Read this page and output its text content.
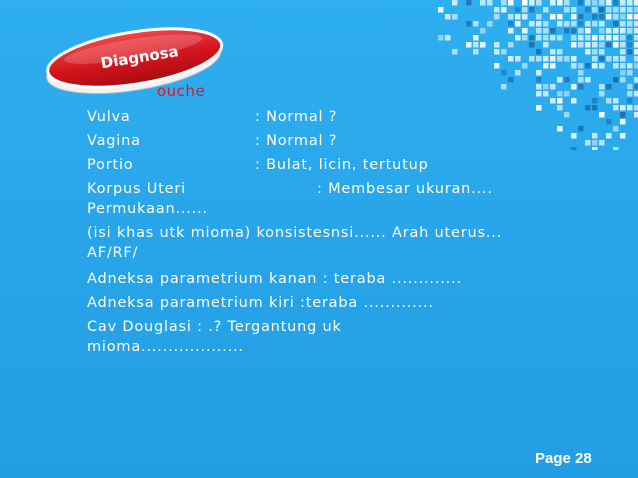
Diagnosa
ouche
Vulva	: Normal ?
Vagina	: Normal ?
Portio	: Bulat, licin, tertutup
Korpus Uteri	: Membesar ukuran....
Permukaan......
(isi khas utk mioma) konsistesnsi...... Arah uterus...
AF/RF/
Adneksa parametrium kanan : teraba .............
Adneksa parametrium kiri :teraba .............
Cav Douglasi : .? Tergantung uk
mioma...................
Page 28
